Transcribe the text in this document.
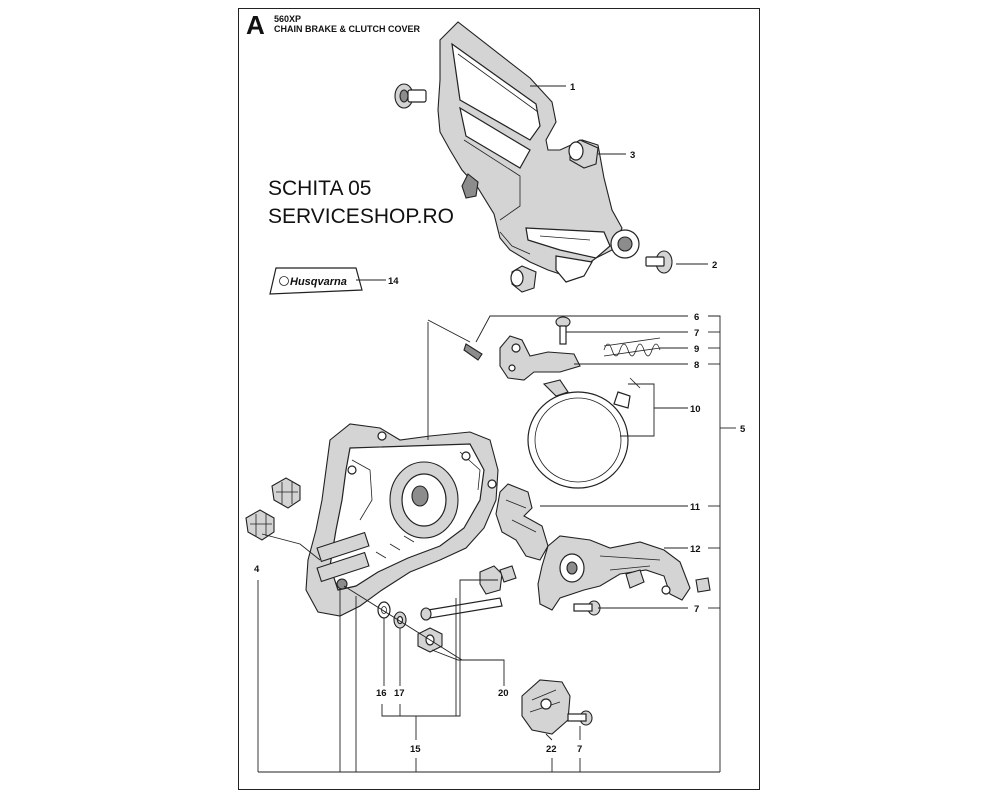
A 560XP
CHAIN BRAKE & CLUTCH COVER
SCHITA 05
SERVICESHOP.RO
Husqvarna
1
2
3
14
6
7
9
8
10
5
11
12
7
4
16 17	20
15	22 7
